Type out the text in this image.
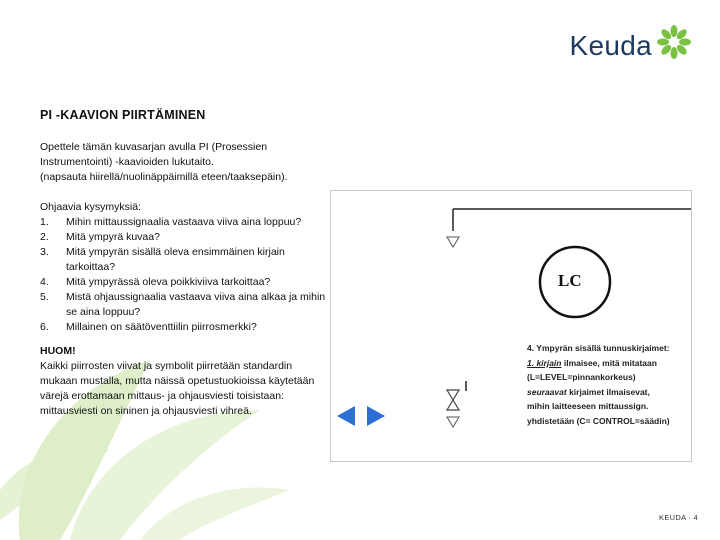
Keuda
PI -KAAVION PIIRTÄMINEN

Opettele tämän kuvasarjan avulla PI (Prosessien

Instrumentointi) -kaavioiden lukutaito.

(napsauta hiirellä/nuolinäppäimillä eteen/taaksepäin).

Ohjaavia kysymyksiä:

1. Mihin mittaussignaalia vastaava viiva aina loppuu?
2. Mitä ympyrä kuvaa?
3. Mitä ympyrän sisällä oleva ensimmäinen kirjain tarkoittaa?
4. Mitä ympyrässä oleva poikkiviiva tarkoittaa?
5. Mistä ohjaussignaalia vastaava viiva aina alkaa ja mihin se aina loppuu?
6. Millainen on säätöventtiilin piirrosmerkki?

HUOM!

Kaikki piirrosten viivat ja symbolit piirretään standardin mukaan mustalla, mutta näissä opetustuokioissa käytetään värejä erottamaan mittaus- ja ohjausviesti toisistaan: mittausviesti on sininen ja ohjausviesti vihreä.

LC
4. Ympyrän sisällä tunnuskirjaimet:
1. kirjain ilmaisee, mitä mitataan
(L=LEVEL=pinnankorkeus)
seuraavat kirjaimet ilmaisevat,
mihin laitteeseen mittaussign.
yhdistetään (C= CONTROL=säädin)
KEUDA · 4
